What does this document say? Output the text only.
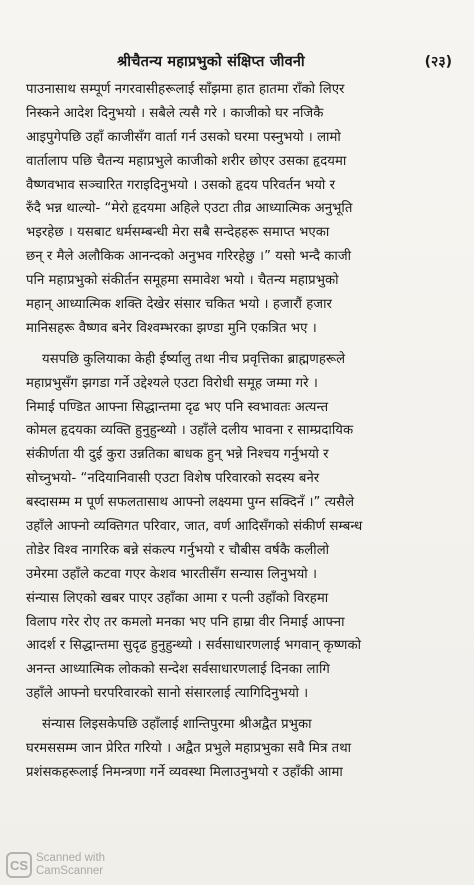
श्रीचैतन्य महाप्रभुको संक्षिप्त जीवनी	(२३)
पाउनासाथ सम्पूर्ण नगरवासीहरूलाई साँझमा हात हातमा राँको लिएर
निस्कने आदेश दिनुभयो । सबैले त्यसै गरे । काजीको घर नजिकै
आइपुगेपछि उहाँ काजीसँग वार्ता गर्न उसको घरमा पस्नुभयो । लामो
वार्तालाप पछि चैतन्य महाप्रभुले काजीको शरीर छोएर उसका हृदयमा
वैष्णवभाव सञ्चारित गराइदिनुभयो । उसको हृदय परिवर्तन भयो र
रुँदै भन्न थाल्यो- “मेरो हृदयमा अहिले एउटा तीव्र आध्यात्मिक अनुभूति
भइरहेछ । यसबाट धर्मसम्बन्धी मेरा सबै सन्देहहरू समाप्त भएका
छन् र मैले अलौकिक आनन्दको अनुभव गरिरहेछु ।” यसो भन्दै काजी
पनि महाप्रभुको संकीर्तन समूहमा समावेश भयो । चैतन्य महाप्रभुको
महान् आध्यात्मिक शक्ति देखेर संसार चकित भयो । हजारौं हजार
मानिसहरू वैष्णव बनेर विश्वम्भरका झण्डा मुनि एकत्रित भए ।
यसपछि कुलियाका केही ईर्ष्यालु तथा नीच प्रवृत्तिका ब्राह्मणहरूले
महाप्रभुसँग झगडा गर्ने उद्देश्यले एउटा विरोधी समूह जम्मा गरे ।
निमाई पण्डित आफ्ना सिद्धान्तमा दृढ भए पनि स्वभावतः अत्यन्त
कोमल हृदयका व्यक्ति हुनुहुन्थ्यो । उहाँले दलीय भावना र साम्प्रदायिक
संकीर्णता यी दुई कुरा उन्नतिका बाधक हुन् भन्ने निश्चय गर्नुभयो र
सोच्नुभयो- “नदियानिवासी एउटा विशेष परिवारको सदस्य बनेर
बस्दासम्म म पूर्ण सफलतासाथ आफ्नो लक्ष्यमा पुग्न सक्दिनँ ।” त्यसैले
उहाँले आफ्नो व्यक्तिगत परिवार, जात, वर्ण आदिसँगको संकीर्ण सम्बन्ध
तोडेर विश्व नागरिक बन्ने संकल्प गर्नुभयो र चौबीस वर्षकै कलीलो
उमेरमा उहाँले कटवा गएर केशव भारतीसँग सन्यास लिनुभयो ।
संन्यास लिएको खबर पाएर उहाँका आमा र पत्नी उहाँको विरहमा
विलाप गरेर रोए तर कमलो मनका भए पनि हाम्रा वीर निमाई आफ्ना
आदर्श र सिद्धान्तमा सुदृढ हुनुहुन्थ्यो । सर्वसाधारणलाई भगवान् कृष्णको
अनन्त आध्यात्मिक लोकको सन्देश सर्वसाधारणलाई दिनका लागि
उहाँले आफ्नो घरपरिवारको सानो संसारलाई त्यागिदिनुभयो ।
संन्यास लिइसकेपछि उहाँलाई शान्तिपुरमा श्रीअद्वैत प्रभुका
घरमससम्म जान प्रेरित गरियो । अद्वैत प्रभुले महाप्रभुका सवै मित्र तथा
प्रशंसकहरूलाई निमन्त्रणा गर्ने व्यवस्था मिलाउनुभयो र उहाँकी आमा
CS Scanned with
CamScanner
